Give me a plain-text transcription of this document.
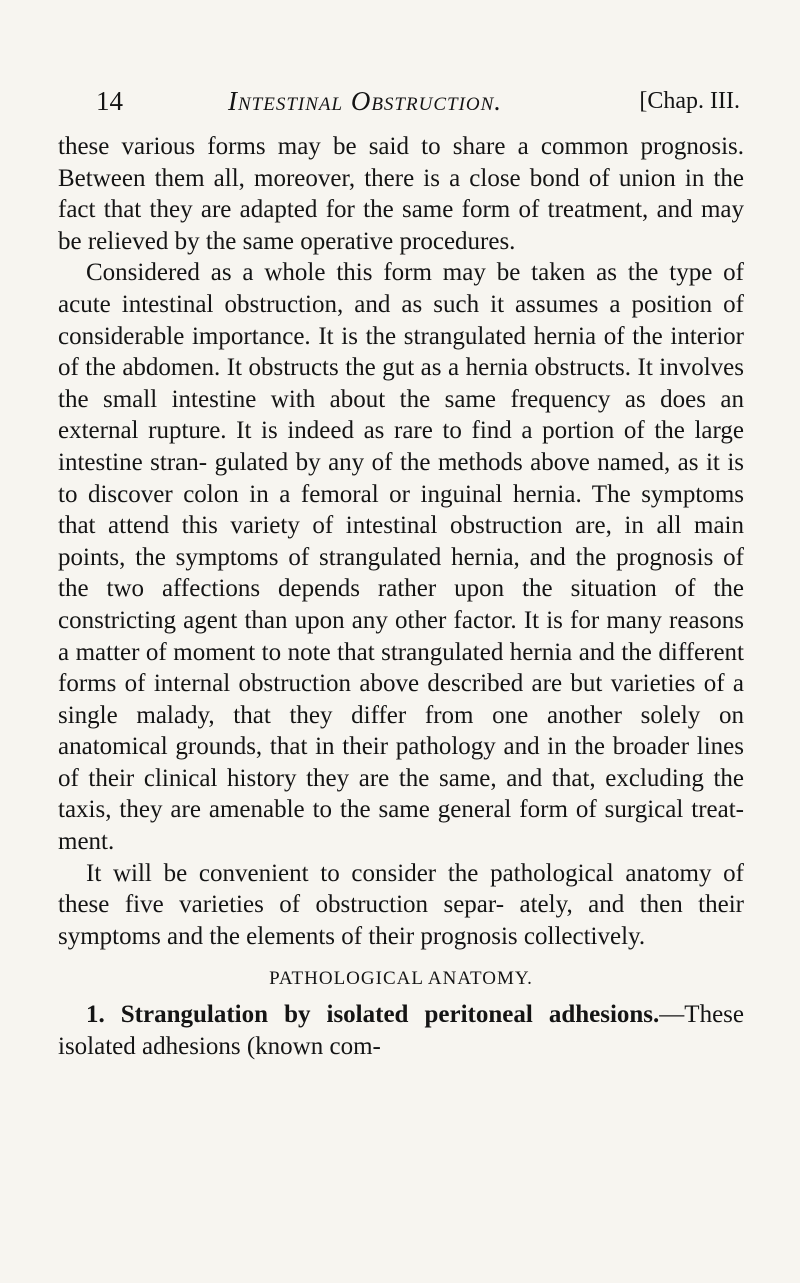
14	Intestinal Obstruction.	[Chap. III.

these various forms may be said to share a common prognosis. Between them all, moreover, there is a close bond of union in the fact that they are adapted for the same form of treatment, and may be relieved by the same operative procedures.

Considered as a whole this form may be taken as the type of acute intestinal obstruction, and as such it assumes a position of considerable importance. It is the strangulated hernia of the interior of the abdomen. It obstructs the gut as a hernia obstructs. It involves the small intestine with about the same frequency as does an external rupture. It is indeed as rare to find a portion of the large intestine stran- gulated by any of the methods above named, as it is to discover colon in a femoral or inguinal hernia. The symptoms that attend this variety of intestinal obstruction are, in all main points, the symptoms of strangulated hernia, and the prognosis of the two affections depends rather upon the situation of the constricting agent than upon any other factor. It is for many reasons a matter of moment to note that strangulated hernia and the different forms of internal obstruction above described are but varieties of a single malady, that they differ from one another solely on anatomical grounds, that in their pathology and in the broader lines of their clinical history they are the same, and that, excluding the taxis, they are amenable to the same general form of surgical treat- ment.

It will be convenient to consider the pathological anatomy of these five varieties of obstruction separ- ately, and then their symptoms and the elements of their prognosis collectively.

PATHOLOGICAL ANATOMY.

1. Strangulation by isolated peritoneal adhesions.—These isolated adhesions (known com-
